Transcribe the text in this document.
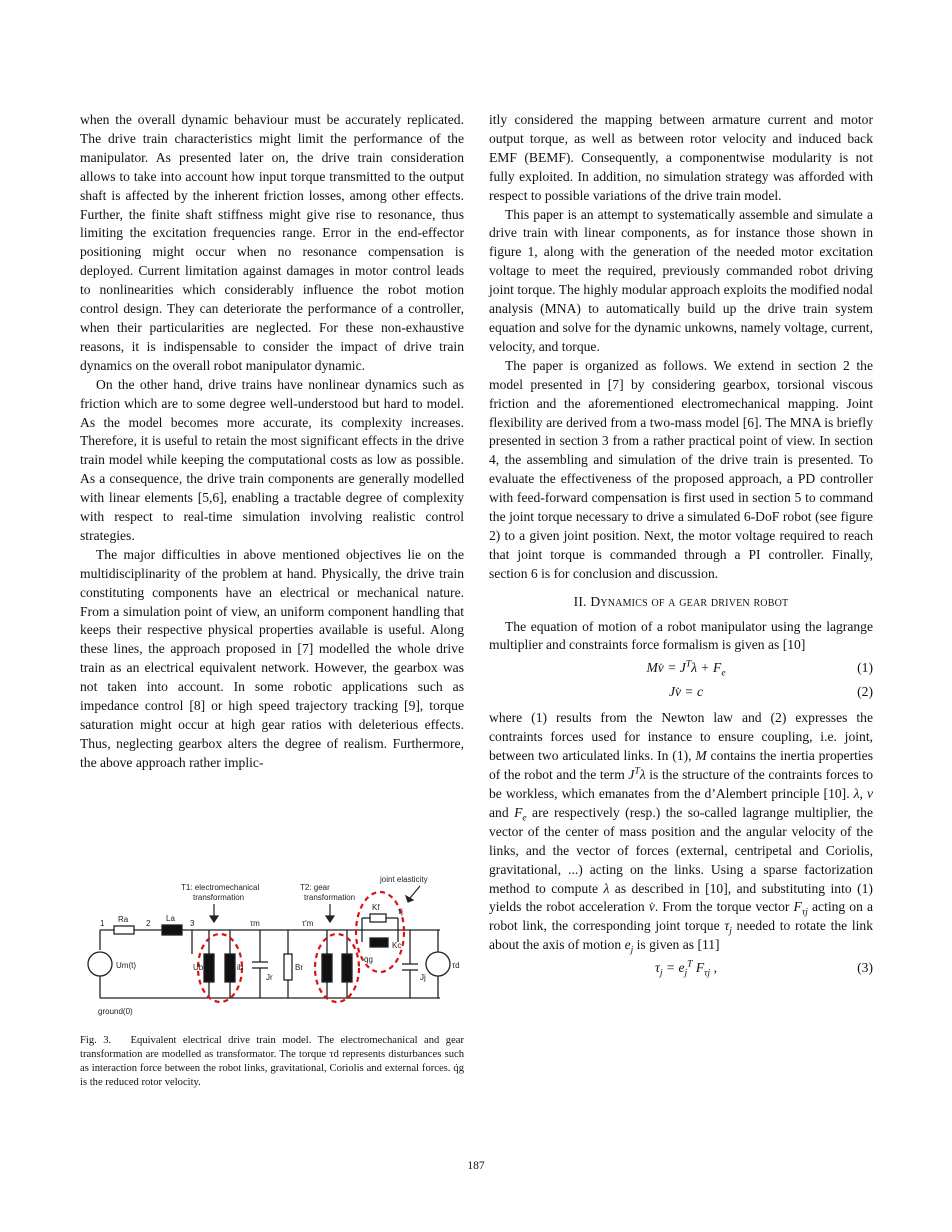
when the overall dynamic behaviour must be accurately replicated. The drive train characteristics might limit the performance of the manipulator. As presented later on, the drive train consideration allows to take into account how input torque transmitted to the output shaft is affected by the inherent friction losses, among other effects. Further, the finite shaft stiffness might give rise to resonance, thus limiting the excitation frequencies range. Error in the end-effector positioning might occur when no resonance compensation is deployed. Current limitation against damages in motor control leads to nonlinearities which considerably influence the robot motion control design. They can deteriorate the performance of a controller, when their particularities are neglected. For these non-exhaustive reasons, it is indispensable to consider the impact of drive train dynamics on the overall robot manipulator dynamic.

On the other hand, drive trains have nonlinear dynamics such as friction which are to some degree well-understood but hard to model. As the model becomes more accurate, its complexity increases. Therefore, it is useful to retain the most significant effects in the drive train model while keeping the computational costs as low as possible. As a consequence, the drive train components are generally modelled with linear elements [5,6], enabling a tractable degree of complexity with respect to real-time simulation involving realistic control strategies.

The major difficulties in above mentioned objectives lie on the multidisciplinarity of the problem at hand. Physically, the drive train constituting components have an electrical or mechanical nature. From a simulation point of view, an uniform component handling that keeps their respective physical properties available is useful. Along these lines, the approach proposed in [7] modelled the whole drive train as an electrical equivalent network. However, the gearbox was not taken into account. In some robotic applications such as impedance control [8] or high speed trajectory tracking [9], torque saturation might occur at high gear ratios with deleterious effects. Thus, neglecting gearbox alters the degree of realism. Furthermore, the above approach rather implic-

T1: electromechanical
transformation
T2: gear
transformation
joint elasticity
Ra	La
Um(t)	Ub	ib
Jr
Br
Kf
Kc
Jj
τd
q̇g
ground(0)
1	2	3	τm	τ'm
τj
Fig. 3. Equivalent electrical drive train model. The electromechanical and gear transformation are modelled as transformator. The torque τd represents disturbances such as interaction force between the robot links, gravitational, Coriolis and external forces. q̇g is the reduced rotor velocity.

itly considered the mapping between armature current and motor output torque, as well as between rotor velocity and induced back EMF (BEMF). Consequently, a componentwise modularity is not fully exploited. In addition, no simulation strategy was afforded with respect to possible variations of the drive train model.

This paper is an attempt to systematically assemble and simulate a drive train with linear components, as for instance those shown in figure 1, along with the generation of the needed motor excitation voltage to meet the required, previously commanded robot driving joint torque. The highly modular approach exploits the modified nodal analysis (MNA) to automatically build up the drive train system equation and solve for the dynamic unkowns, namely voltage, current, velocity, and torque.

The paper is organized as follows. We extend in section 2 the model presented in [7] by considering gearbox, torsional viscous friction and the aforementioned electromechanical mapping. Joint flexibility are derived from a two-mass model [6]. The MNA is briefly presented in section 3 from a rather practical point of view. In section 4, the assembling and simulation of the drive train is presented. To evaluate the effectiveness of the proposed approach, a PD controller with feed-forward compensation is first used in section 5 to command the joint torque necessary to drive a simulated 6-DoF robot (see figure 2) to a given joint position. Next, the motor voltage required to reach that joint torque is commanded through a PI controller. Finally, section 6 is for conclusion and discussion.

II. Dynamics of a gear driven robot

The equation of motion of a robot manipulator using the lagrange multiplier and constraints force formalism is given as [10]

Mv̇ = $J^T\lambda + F_e$	(1)
Jv̇ = c	(2)

where (1) results from the Newton law and (2) expresses the contraints forces used for instance to ensure coupling, i.e. joint, between two articulated links. In (1), M contains the inertia properties of the robot and the term $J^T\lambda$ is the structure of the contraints forces to be workless, which emanates from the d’Alembert principle [10]. λ, v and $F_e$ are respectively (resp.) the so-called lagrange multiplier, the vector of the center of mass position and the angular velocity of the links, and the vector of forces (external, centripetal and Coriolis, gravitational, ...) acting on the links. Using a sparse factorization method to compute λ as described in [10], and substituting into (1) yields the robot acceleration v̇. From the torque vector $F_{\tau j}$ acting on a robot link, the corresponding joint torque $\tau_j$ needed to rotate the link about the axis of motion $e_j$ is given as [11]

$\tau_j = e_j^T$ $F_{\tau j}$ ,	(3)
187
